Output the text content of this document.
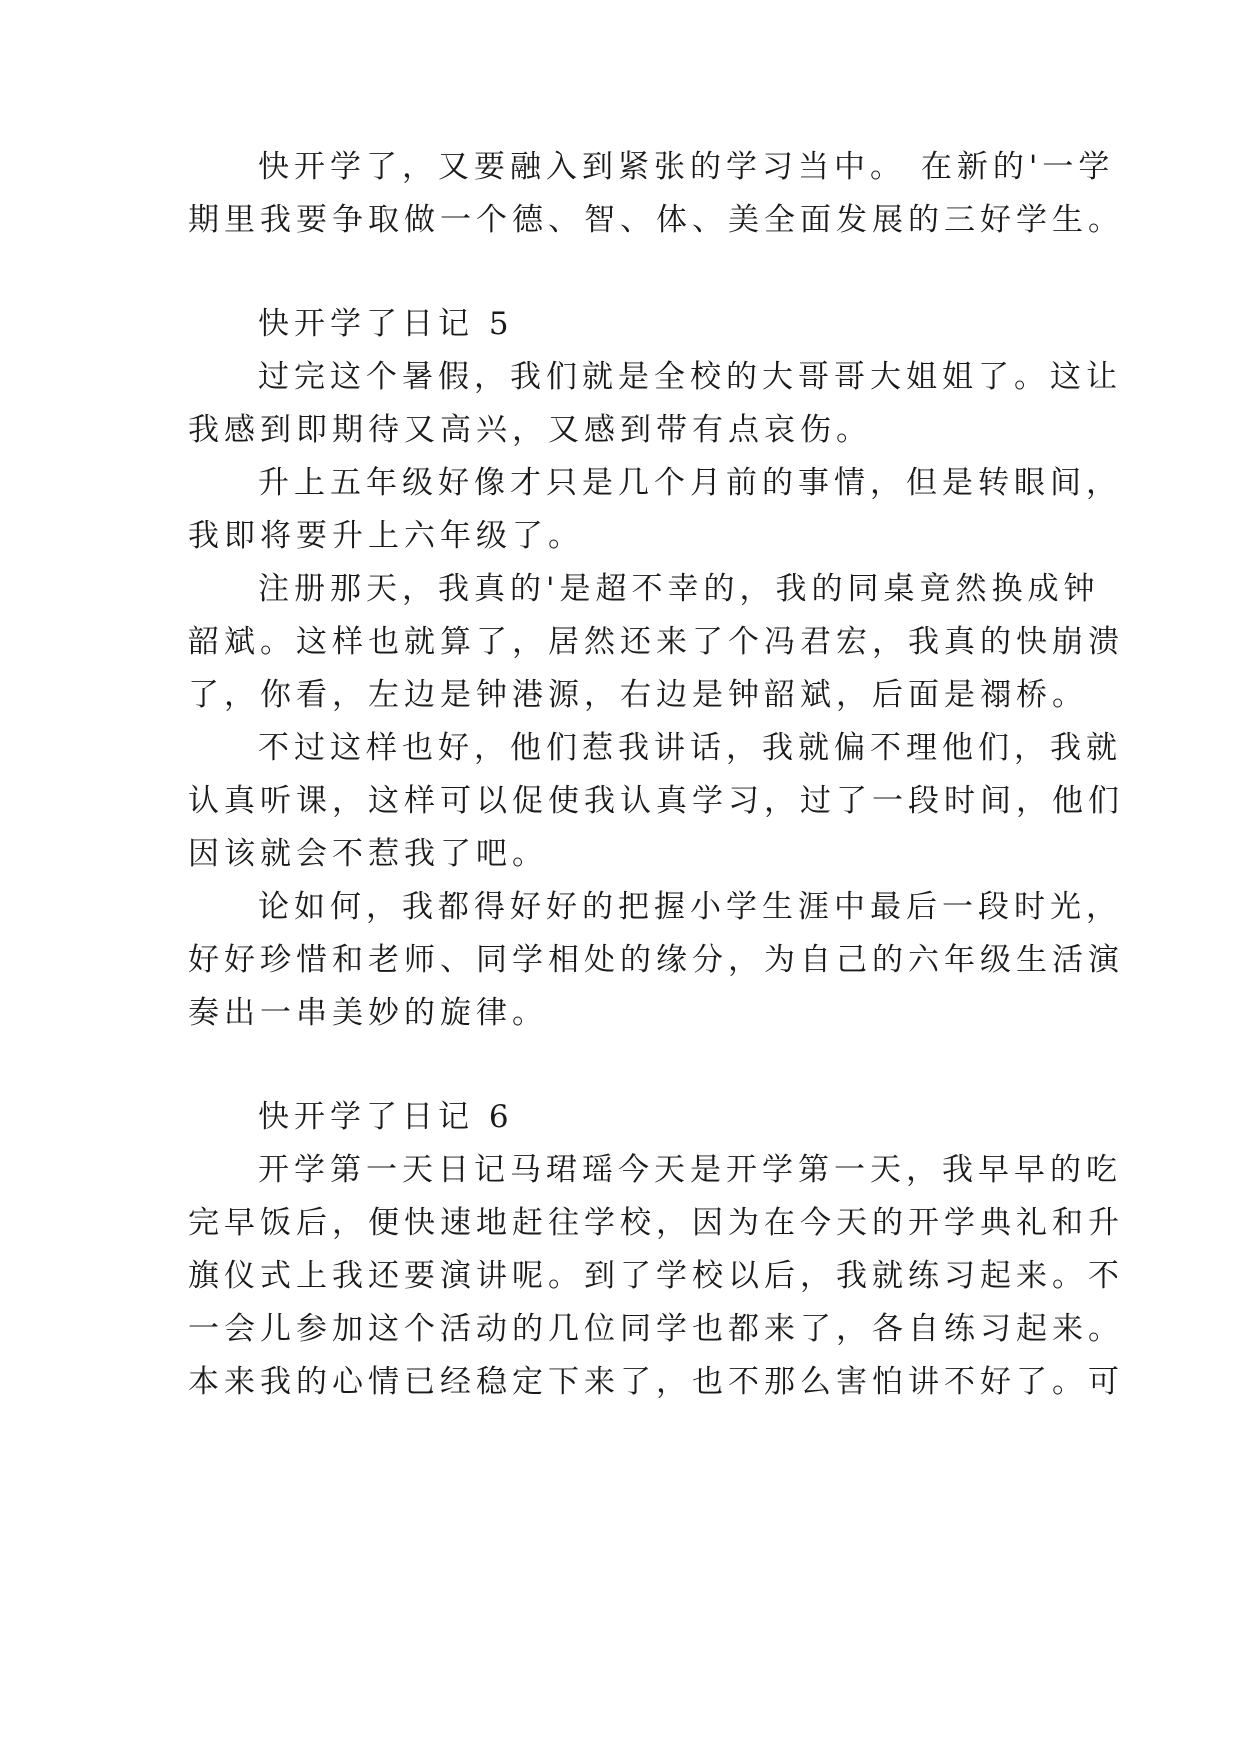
快开学了，又要融入到紧张的学习当中。 在新的'一学

期里我要争取做一个德、智、体、美全面发展的三好学生。

快开学了日记 5

过完这个暑假，我们就是全校的大哥哥大姐姐了。这让

我感到即期待又高兴，又感到带有点哀伤。

升上五年级好像才只是几个月前的事情，但是转眼间，

我即将要升上六年级了。

注册那天，我真的'是超不幸的，我的同桌竟然换成钟

韶斌。这样也就算了，居然还来了个冯君宏，我真的快崩溃

了，你看，左边是钟港源，右边是钟韶斌，后面是禤桥。

不过这样也好，他们惹我讲话，我就偏不理他们，我就

认真听课，这样可以促使我认真学习，过了一段时间，他们

因该就会不惹我了吧。

论如何，我都得好好的把握小学生涯中最后一段时光，

好好珍惜和老师、同学相处的缘分，为自己的六年级生活演

奏出一串美妙的旋律。

快开学了日记 6

开学第一天日记马珺瑶今天是开学第一天，我早早的吃

完早饭后，便快速地赶往学校，因为在今天的开学典礼和升

旗仪式上我还要演讲呢。到了学校以后，我就练习起来。不

一会儿参加这个活动的几位同学也都来了，各自练习起来。

本来我的心情已经稳定下来了，也不那么害怕讲不好了。可
